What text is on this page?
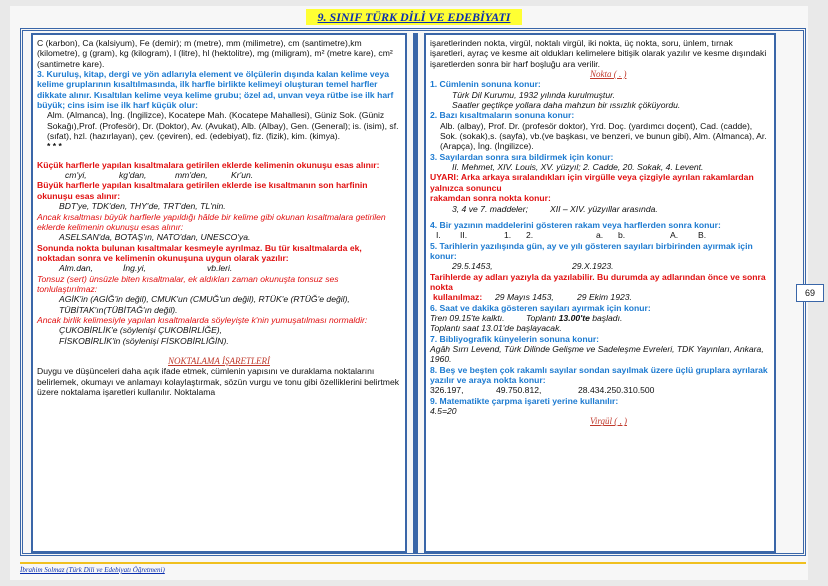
9. SINIF TÜRK DİLİ VE EDEBİYATI

C (karbon), Ca (kalsiyum), Fe (demir); m (metre), mm (milimetre), cm (santimetre),km (kilometre), g (gram), kg (kilogram), l (litre), hl (hektolitre), mg (miligram), m² (metre kare), cm² (santimetre kare).

3. Kuruluş, kitap, dergi ve yön adlarıyla element ve ölçülerin dışında kalan kelime veya kelime gruplarının kısaltılmasında, ilk harfle birlikte kelimeyi oluşturan temel harfler dikkate alınır. Kısaltılan kelime veya kelime grubu; özel ad, unvan veya rütbe ise ilk harf büyük; cins isim ise ilk harf küçük olur:

Alm. (Almanca), İng. (İngilizce), Kocatepe Mah. (Kocatepe Mahallesi), Güniz Sok. (Güniz Sokağı),Prof. (Profesör), Dr. (Doktor), Av. (Avukat), Alb. (Albay), Gen. (General); is. (isim), sf. (sıfat), hzl. (hazırlayan), çev. (çeviren), ed. (edebiyat), fiz. (fizik), kim. (kimya).

* * *

Küçük harflerle yapılan kısaltmalara getirilen eklerde kelimenin okunuşu esas alınır:

cm'yi,	kg'dan,	mm'den,	Kr'un.

Büyük harflerle yapılan kısaltmalara getirilen eklerde ise kısaltmanın son harfinin okunuşu esas alınır:

BDT'ye, TDK'den, THY'de, TRT'den, TL'nin.

Ancak kısaltması büyük harflerle yapıldığı hâlde bir kelime gibi okunan kısaltmalara getirilen eklerde kelimenin okunuşu esas alınır:

ASELSAN'da, BOTAŞ'ın, NATO'dan, UNESCO'ya.

Sonunda nokta bulunan kısaltmalar kesmeyle ayrılmaz. Bu tür kısaltmalarda ek, noktadan sonra ve kelimenin okunuşuna uygun olarak yazılır:

Alm.dan,	İng.yi,	vb.leri.

Tonsuz (sert) ünsüzle biten kısaltmalar, ek aldıkları zaman okunuşta tonsuz ses tonlulaştırılmaz:

AGİK'in (AGİĞ'in değil), CMUK'un (CMUĞ'un değil), RTÜK'e (RTÜĞ'e değil), TÜBİTAK'ın(TÜBİTAĞ'ın değil).

Ancak birlik kelimesiyle yapılan kısaltmalarda söyleyişte k'nin yumuşatılması normaldir:

ÇUKOBİRLİK'e (söylenişi ÇUKOBİRLİĞE),

FİSKOBİRLİK'in (söylenişi FİSKOBİRLİĞİN).

NOKTALAMA İŞARETLERİ

Duygu ve düşünceleri daha açık ifade etmek, cümlenin yapısını ve duraklama noktalarını belirlemek, okumayı ve anlamayı kolaylaştırmak, sözün vurgu ve tonu gibi özelliklerini belirtmek üzere noktalama işaretleri kullanılır. Noktalama

işaretlerinden nokta, virgül, noktalı virgül, iki nokta, üç nokta, soru, ünlem, tırnak işaretleri, ayraç ve kesme ait oldukları kelimelere bitişik olarak yazılır ve kesme dışındaki işaretlerden sonra bir harf boşluğu ara verilir.

Nokta ( . )

1. Cümlenin sonuna konur:

Türk Dil Kurumu, 1932 yılında kurulmuştur.

Saatler geçtikçe yollara daha mahzun bir ıssızlık çöküyordu.

2. Bazı kısaltmaların sonuna konur:

Alb. (albay), Prof. Dr. (profesör doktor), Yrd. Doç. (yardımcı doçent), Cad. (cadde), Sok. (sokak),s. (sayfa), vb.(ve başkası, ve benzeri, ve bunun gibi), Alm. (Almanca), Ar. (Arapça), İng. (İngilizce).

3. Sayılardan sonra sıra bildirmek için konur:

II. Mehmet, XIV. Louis, XV. yüzyıl; 2. Cadde, 20. Sokak, 4. Levent.

UYARI: Arka arkaya sıralandıkları için virgülle veya çizgiyle ayrılan rakamlardan yalnızca sonuncu

rakamdan sonra nokta konur:

3, 4 ve 7. maddeler;	XII – XIV. yüzyıllar arasında.

4. Bir yazının maddelerini gösteren rakam veya harflerden sonra konur:

I. II.	1. 2.	a. b.	A. B.

5. Tarihlerin yazılışında gün, ay ve yılı gösteren sayıları birbirinden ayırmak için konur:

29.5.1453,	29.X.1923.

Tarihlerde ay adları yazıyla da yazılabilir. Bu durumda ay adlarından önce ve sonra nokta

kullanılmaz: 29 Mayıs 1453,	29 Ekim 1923.

6. Saat ve dakika gösteren sayıları ayırmak için konur:

Tren 09.15'te kalktı. Toplantı 13.00'te başladı.

Toplantı saat 13.01'de başlayacak.

7. Bibliyografik künyelerin sonuna konur:

Agâh Sırrı Levend, Türk Dilinde Gelişme ve Sadeleşme Evreleri, TDK Yayınları, Ankara, 1960.

8. Beş ve beşten çok rakamlı sayılar sondan sayılmak üzere üçlü gruplara ayrılarak yazılır ve araya nokta konur:

326.197,	49.750.812,	28.434.250.310.500

9. Matematikte çarpma işareti yerine kullanılır:

4.5=20

Virgül ( , )

69
İbrahim Solmaz (Türk Dili ve Edebiyatı Öğretmeni)
